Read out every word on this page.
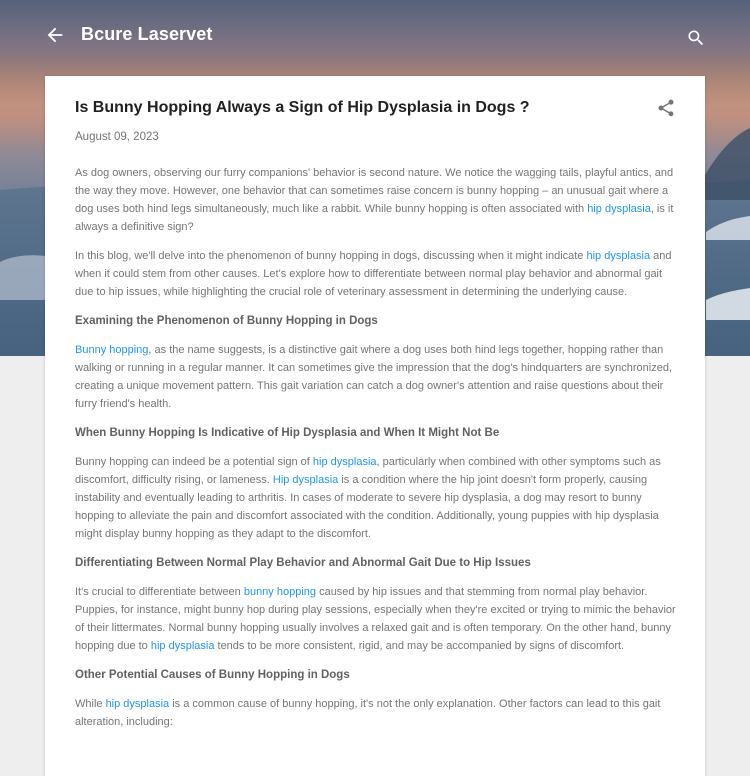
Bcure Laservet
Is Bunny Hopping Always a Sign of Hip Dysplasia in Dogs ?
August 09, 2023

As dog owners, observing our furry companions' behavior is second nature. We notice the wagging tails, playful antics, and the way they move. However, one behavior that can sometimes raise concern is bunny hopping – an unusual gait where a dog uses both hind legs simultaneously, much like a rabbit. While bunny hopping is often associated with hip dysplasia, is it always a definitive sign?

In this blog, we'll delve into the phenomenon of bunny hopping in dogs, discussing when it might indicate hip dysplasia and when it could stem from other causes. Let's explore how to differentiate between normal play behavior and abnormal gait due to hip issues, while highlighting the crucial role of veterinary assessment in determining the underlying cause.

Examining the Phenomenon of Bunny Hopping in Dogs

Bunny hopping, as the name suggests, is a distinctive gait where a dog uses both hind legs together, hopping rather than walking or running in a regular manner. It can sometimes give the impression that the dog's hindquarters are synchronized, creating a unique movement pattern. This gait variation can catch a dog owner's attention and raise questions about their furry friend's health.

When Bunny Hopping Is Indicative of Hip Dysplasia and When It Might Not Be

Bunny hopping can indeed be a potential sign of hip dysplasia, particularly when combined with other symptoms such as discomfort, difficulty rising, or lameness. Hip dysplasia is a condition where the hip joint doesn't form properly, causing instability and eventually leading to arthritis. In cases of moderate to severe hip dysplasia, a dog may resort to bunny hopping to alleviate the pain and discomfort associated with the condition. Additionally, young puppies with hip dysplasia might display bunny hopping as they adapt to the discomfort.

Differentiating Between Normal Play Behavior and Abnormal Gait Due to Hip Issues

It's crucial to differentiate between bunny hopping caused by hip issues and that stemming from normal play behavior. Puppies, for instance, might bunny hop during play sessions, especially when they're excited or trying to mimic the behavior of their littermates. Normal bunny hopping usually involves a relaxed gait and is often temporary. On the other hand, bunny hopping due to hip dysplasia tends to be more consistent, rigid, and may be accompanied by signs of discomfort.

Other Potential Causes of Bunny Hopping in Dogs

While hip dysplasia is a common cause of bunny hopping, it's not the only explanation. Other factors can lead to this gait alteration, including:
